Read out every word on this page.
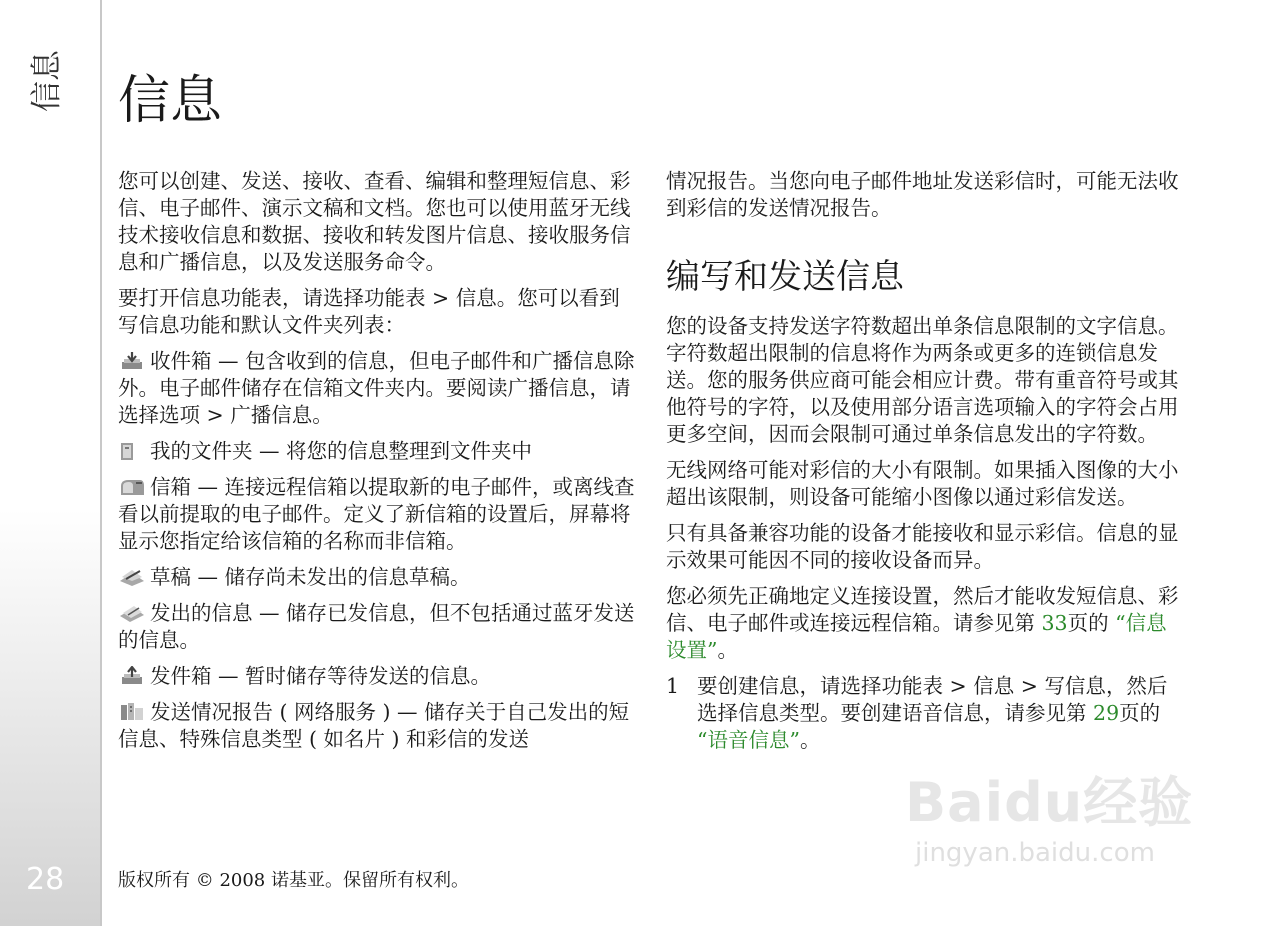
信息
28
信息

您可以创建、发送、接收、查看、编辑和整理短信息、彩信、电子邮件、演示文稿和文档。您也可以使用蓝牙无线技术接收信息和数据、接收和转发图片信息、接收服务信息和广播信息，以及发送服务命令。

要打开信息功能表，请选择功能表 > 信息。您可以看到写信息功能和默认文件夹列表：

收件箱 — 包含收到的信息，但电子邮件和广播信息除外。电子邮件储存在信箱文件夹内。要阅读广播信息，请选择选项 > 广播信息。

我的文件夹 — 将您的信息整理到文件夹中

信箱 — 连接远程信箱以提取新的电子邮件，或离线查看以前提取的电子邮件。定义了新信箱的设置后，屏幕将显示您指定给该信箱的名称而非信箱。

草稿 — 储存尚未发出的信息草稿。

发出的信息 — 储存已发信息，但不包括通过蓝牙发送的信息。

发件箱 — 暂时储存等待发送的信息。

发送情况报告 ( 网络服务 ) — 储存关于自己发出的短信息、特殊信息类型 ( 如名片 ) 和彩信的发送

情况报告。当您向电子邮件地址发送彩信时，可能无法收到彩信的发送情况报告。

编写和发送信息

您的设备支持发送字符数超出单条信息限制的文字信息。字符数超出限制的信息将作为两条或更多的连锁信息发送。您的服务供应商可能会相应计费。带有重音符号或其他符号的字符，以及使用部分语言选项输入的字符会占用更多空间，因而会限制可通过单条信息发出的字符数。

无线网络可能对彩信的大小有限制。如果插入图像的大小超出该限制，则设备可能缩小图像以通过彩信发送。

只有具备兼容功能的设备才能接收和显示彩信。信息的显示效果可能因不同的接收设备而异。

您必须先正确地定义连接设置，然后才能收发短信息、彩信、电子邮件或连接远程信箱。请参见第 33页的 “信息设置”。

1 要创建信息，请选择功能表 > 信息 > 写信息，然后选择信息类型。要创建语音信息，请参见第 29页的 “语音信息”。
版权所有 © 2008 诺基亚。保留所有权利。
Baidu经验
jingyan.baidu.com
